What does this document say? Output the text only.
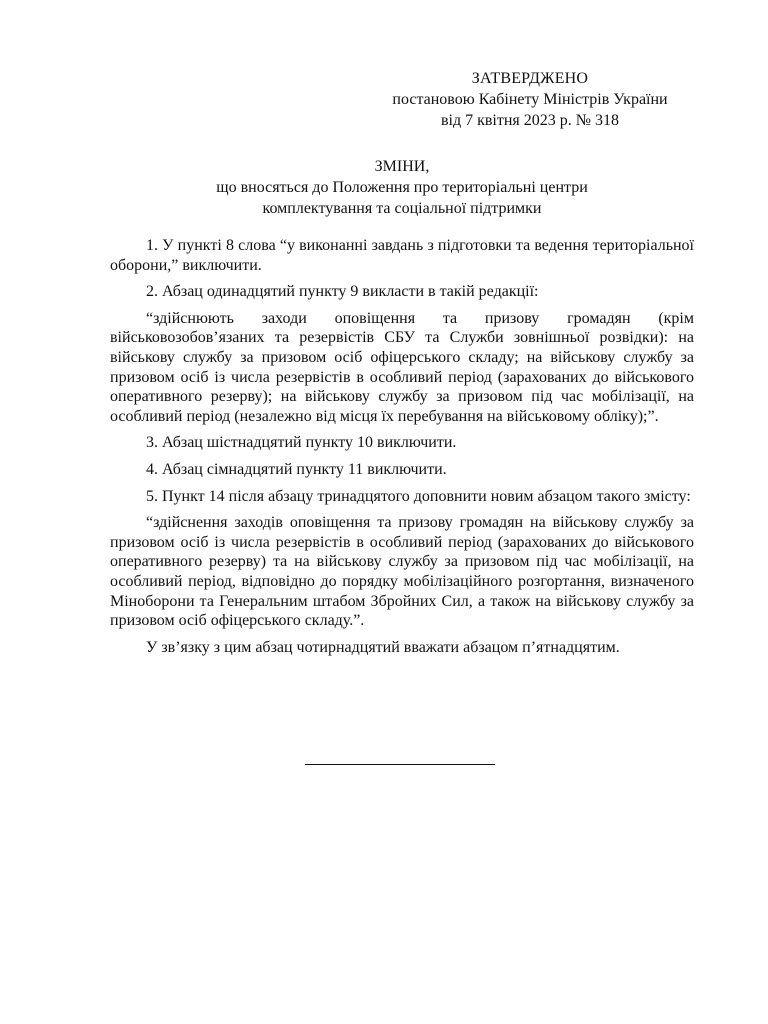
ЗАТВЕРДЖЕНО
постановою Кабінету Міністрів України
від 7 квітня 2023 р. № 318
ЗМІНИ,
що вносяться до Положення про територіальні центри
комплектування та соціальної підтримки

1. У пункті 8 слова “у виконанні завдань з підготовки та ведення територіальної оборони,” виключити.

2. Абзац одинадцятий пункту 9 викласти в такій редакції:

“здійснюють заходи оповіщення та призову громадян (крім військовозобов’язаних та резервістів СБУ та Служби зовнішньої розвідки): на військову службу за призовом осіб офіцерського складу; на військову службу за призовом осіб із числа резервістів в особливий період (зарахованих до військового оперативного резерву); на військову службу за призовом під час мобілізації, на особливий період (незалежно від місця їх перебування на військовому обліку);”.

3. Абзац шістнадцятий пункту 10 виключити.

4. Абзац сімнадцятий пункту 11 виключити.

5. Пункт 14 після абзацу тринадцятого доповнити новим абзацом такого змісту:

“здійснення заходів оповіщення та призову громадян на військову службу за призовом осіб із числа резервістів в особливий період (зарахованих до військового оперативного резерву) та на військову службу за призовом під час мобілізації, на особливий період, відповідно до порядку мобілізаційного розгортання, визначеного Міноборони та Генеральним штабом Збройних Сил, а також на військову службу за призовом осіб офіцерського складу.”.

У зв’язку з цим абзац чотирнадцятий вважати абзацом п’ятнадцятим.
